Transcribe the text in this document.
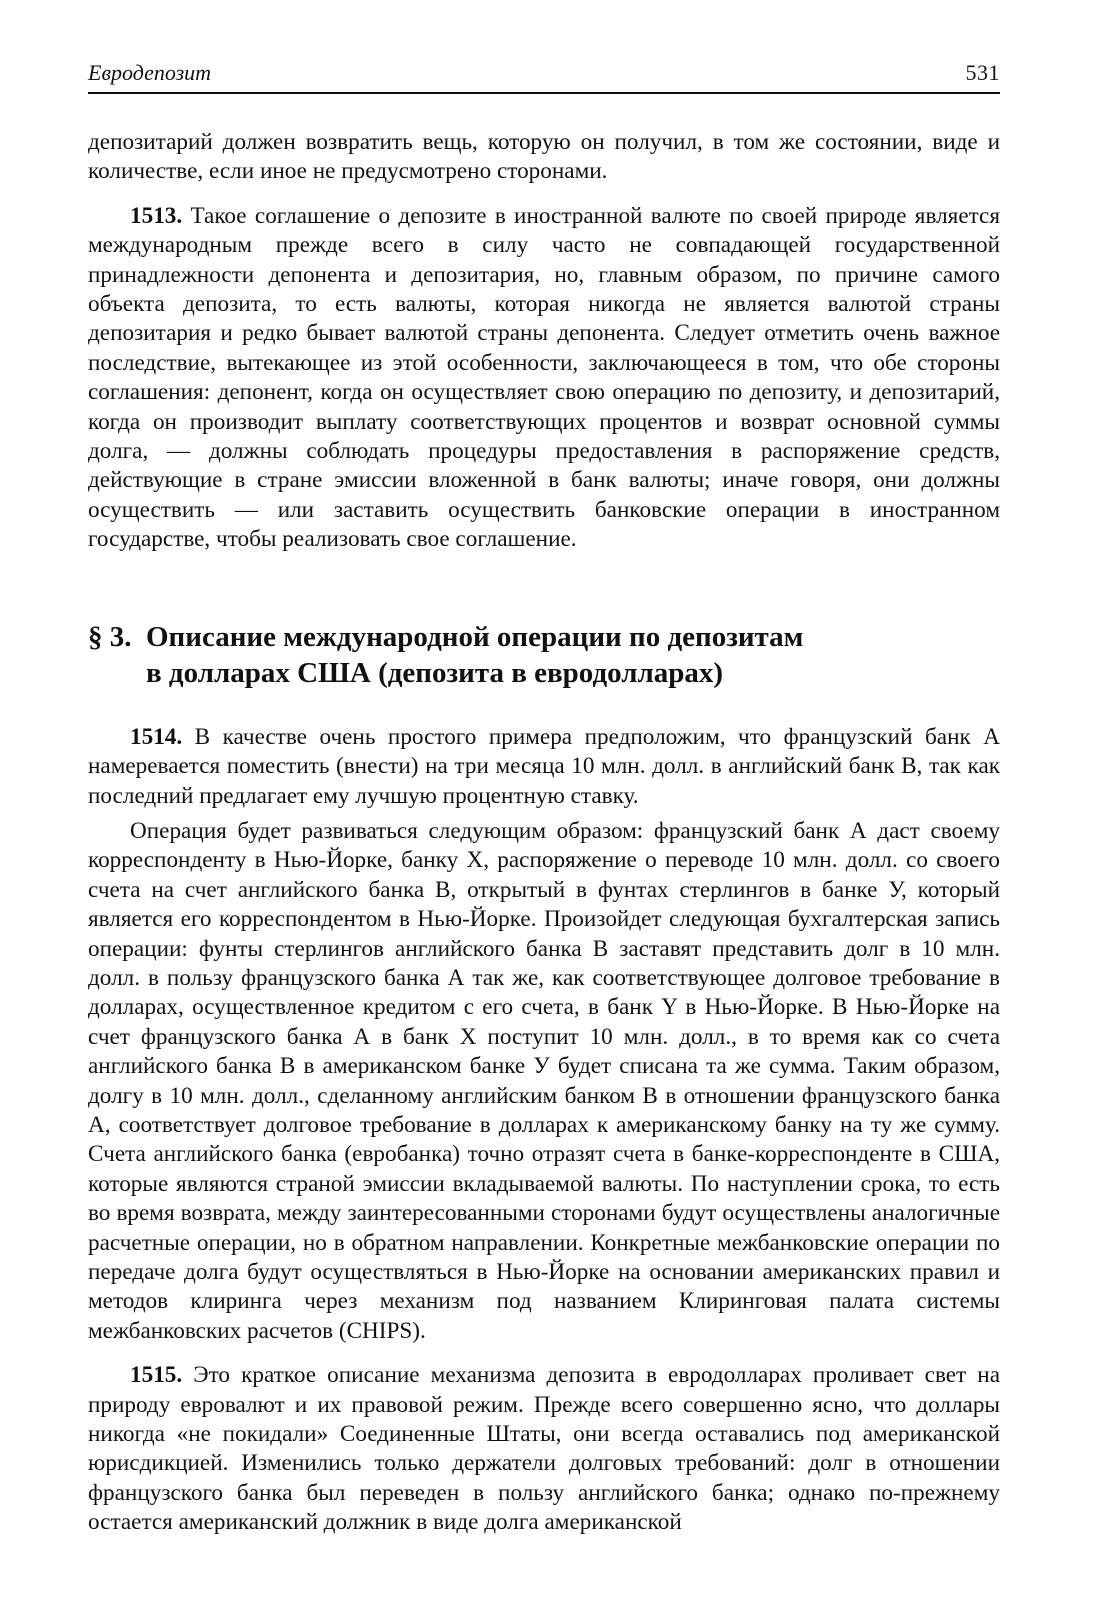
Евродепозит	531

депозитарий должен возвратить вещь, которую он получил, в том же состоянии, виде и количестве, если иное не предусмотрено сторонами.

1513. Такое соглашение о депозите в иностранной валюте по своей природе является международным прежде всего в силу часто не совпадающей государственной принадлежности депонента и депозитария, но, главным образом, по причине самого объекта депозита, то есть валюты, которая никогда не является валютой страны депозитария и редко бывает валютой страны депонента. Следует отметить очень важное последствие, вытекающее из этой особенности, заключающееся в том, что обе стороны соглашения: депонент, когда он осуществляет свою операцию по депозиту, и депозитарий, когда он производит выплату соответствующих процентов и возврат основной суммы долга, — должны соблюдать процедуры предоставления в распоряжение средств, действующие в стране эмиссии вложенной в банк валюты; иначе говоря, они должны осуществить — или заставить осуществить банковские операции в иностранном государстве, чтобы реализовать свое соглашение.

§ 3. Описание международной операции по депозитам
в долларах США (депозита в евродолларах)

1514. В качестве очень простого примера предположим, что французский банк А намеревается поместить (внести) на три месяца 10 млн. долл. в английский банк В, так как последний предлагает ему лучшую процентную ставку.

Операция будет развиваться следующим образом: французский банк А даст своему корреспонденту в Нью-Йорке, банку Х, распоряжение о переводе 10 млн. долл. со своего счета на счет английского банка В, открытый в фунтах стерлингов в банке У, который является его корреспондентом в Нью-Йорке. Произойдет следующая бухгалтерская запись операции: фунты стерлингов английского банка В заставят представить долг в 10 млн. долл. в пользу французского банка А так же, как соответствующее долговое требование в долларах, осуществленное кредитом с его счета, в банк Y в Нью-Йорке. В Нью-Йорке на счет французского банка А в банк Х поступит 10 млн. долл., в то время как со счета английского банка В в американском банке У будет списана та же сумма. Таким образом, долгу в 10 млн. долл., сделанному английским банком В в отношении французского банка А, соответствует долговое требование в долларах к американскому банку на ту же сумму. Счета английского банка (евробанка) точно отразят счета в банке-корреспонденте в США, которые являются страной эмиссии вкладываемой валюты. По наступлении срока, то есть во время возврата, между заинтересованными сторонами будут осуществлены аналогичные расчетные операции, но в обратном направлении. Конкретные межбанковские операции по передаче долга будут осуществляться в Нью-Йорке на основании американских правил и методов клиринга через механизм под названием Клиринговая палата системы межбанковских расчетов (CHIPS).

1515. Это краткое описание механизма депозита в евродолларах проливает свет на природу евровалют и их правовой режим. Прежде всего совершенно ясно, что доллары никогда «не покидали» Соединенные Штаты, они всегда оставались под американской юрисдикцией. Изменились только держатели долговых требований: долг в отношении французского банка был переведен в пользу английского банка; однако по-прежнему остается американский должник в виде долга американской
